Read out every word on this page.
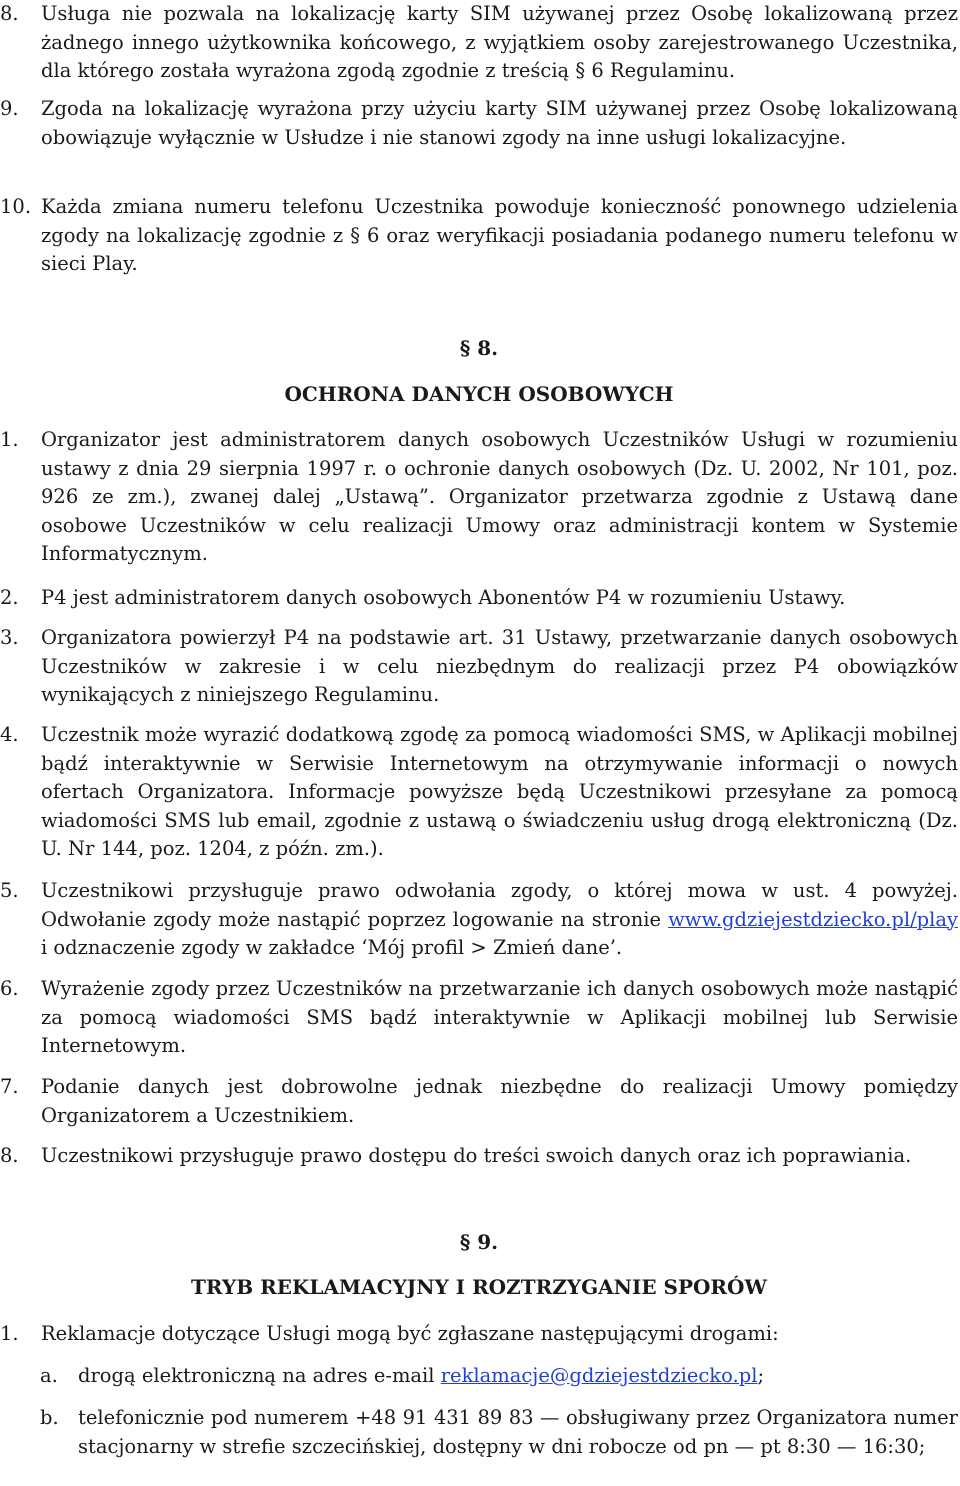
8.	Usługa nie pozwala na lokalizację karty SIM używanej przez Osobę lokalizowaną przez żadnego innego użytkownika końcowego, z wyjątkiem osoby zarejestrowanego Uczestnika, dla którego została wyrażona zgodą zgodnie z treścią § 6 Regulaminu.

9.	Zgoda na lokalizację wyrażona przy użyciu karty SIM używanej przez Osobę lokalizowaną obowiązuje wyłącznie w Usłudze i nie stanowi zgody na inne usługi lokalizacyjne.

10. Każda zmiana numeru telefonu Uczestnika powoduje konieczność ponownego udzielenia zgody na lokalizację zgodnie z § 6 oraz weryfikacji posiadania podanego numeru telefonu w sieci Play.

§ 8.
OCHRONA DANYCH OSOBOWYCH
1.	Organizator jest administratorem danych osobowych Uczestników Usługi w rozumieniu ustawy z dnia 29 sierpnia 1997 r. o ochronie danych osobowych (Dz. U. 2002, Nr 101, poz. 926 ze zm.), zwanej dalej „Ustawą”. Organizator przetwarza zgodnie z Ustawą dane osobowe Uczestników w celu realizacji Umowy oraz administracji kontem w Systemie Informatycznym.

2.	P4 jest administratorem danych osobowych Abonentów P4 w rozumieniu Ustawy.

3.	Organizatora powierzył P4 na podstawie art. 31 Ustawy, przetwarzanie danych osobowych Uczestników w zakresie i w celu niezbędnym do realizacji przez P4 obowiązków wynikających z niniejszego Regulaminu.

4.	Uczestnik może wyrazić dodatkową zgodę za pomocą wiadomości SMS, w Aplikacji mobilnej bądź interaktywnie w Serwisie Internetowym na otrzymywanie informacji o nowych ofertach Organizatora. Informacje powyższe będą Uczestnikowi przesyłane za pomocą wiadomości SMS lub email, zgodnie z ustawą o świadczeniu usług drogą elektroniczną (Dz. U. Nr 144, poz. 1204, z późn. zm.).

5.	Uczestnikowi przysługuje prawo odwołania zgody, o której mowa w ust. 4 powyżej. Odwołanie zgody może nastąpić poprzez logowanie na stronie www.gdziejestdziecko.pl/play i odznaczenie zgody w zakładce ‘Mój profil > Zmień dane’.

6.	Wyrażenie zgody przez Uczestników na przetwarzanie ich danych osobowych może nastąpić za pomocą wiadomości SMS bądź interaktywnie w Aplikacji mobilnej lub Serwisie Internetowym.

7.	Podanie danych jest dobrowolne jednak niezbędne do realizacji Umowy pomiędzy Organizatorem a Uczestnikiem.

8.	Uczestnikowi przysługuje prawo dostępu do treści swoich danych oraz ich poprawiania.

§ 9.
TRYB REKLAMACYJNY I ROZTRZYGANIE SPORÓW
1.	Reklamacje dotyczące Usługi mogą być zgłaszane następującymi drogami:

a.	drogą elektroniczną na adres e-mail reklamacje@gdziejestdziecko.pl;

b. telefonicznie pod numerem +48 91 431 89 83 — obsługiwany przez Organizatora numer stacjonarny w strefie szczecińskiej, dostępny w dni robocze od pn — pt 8:30 — 16:30;
